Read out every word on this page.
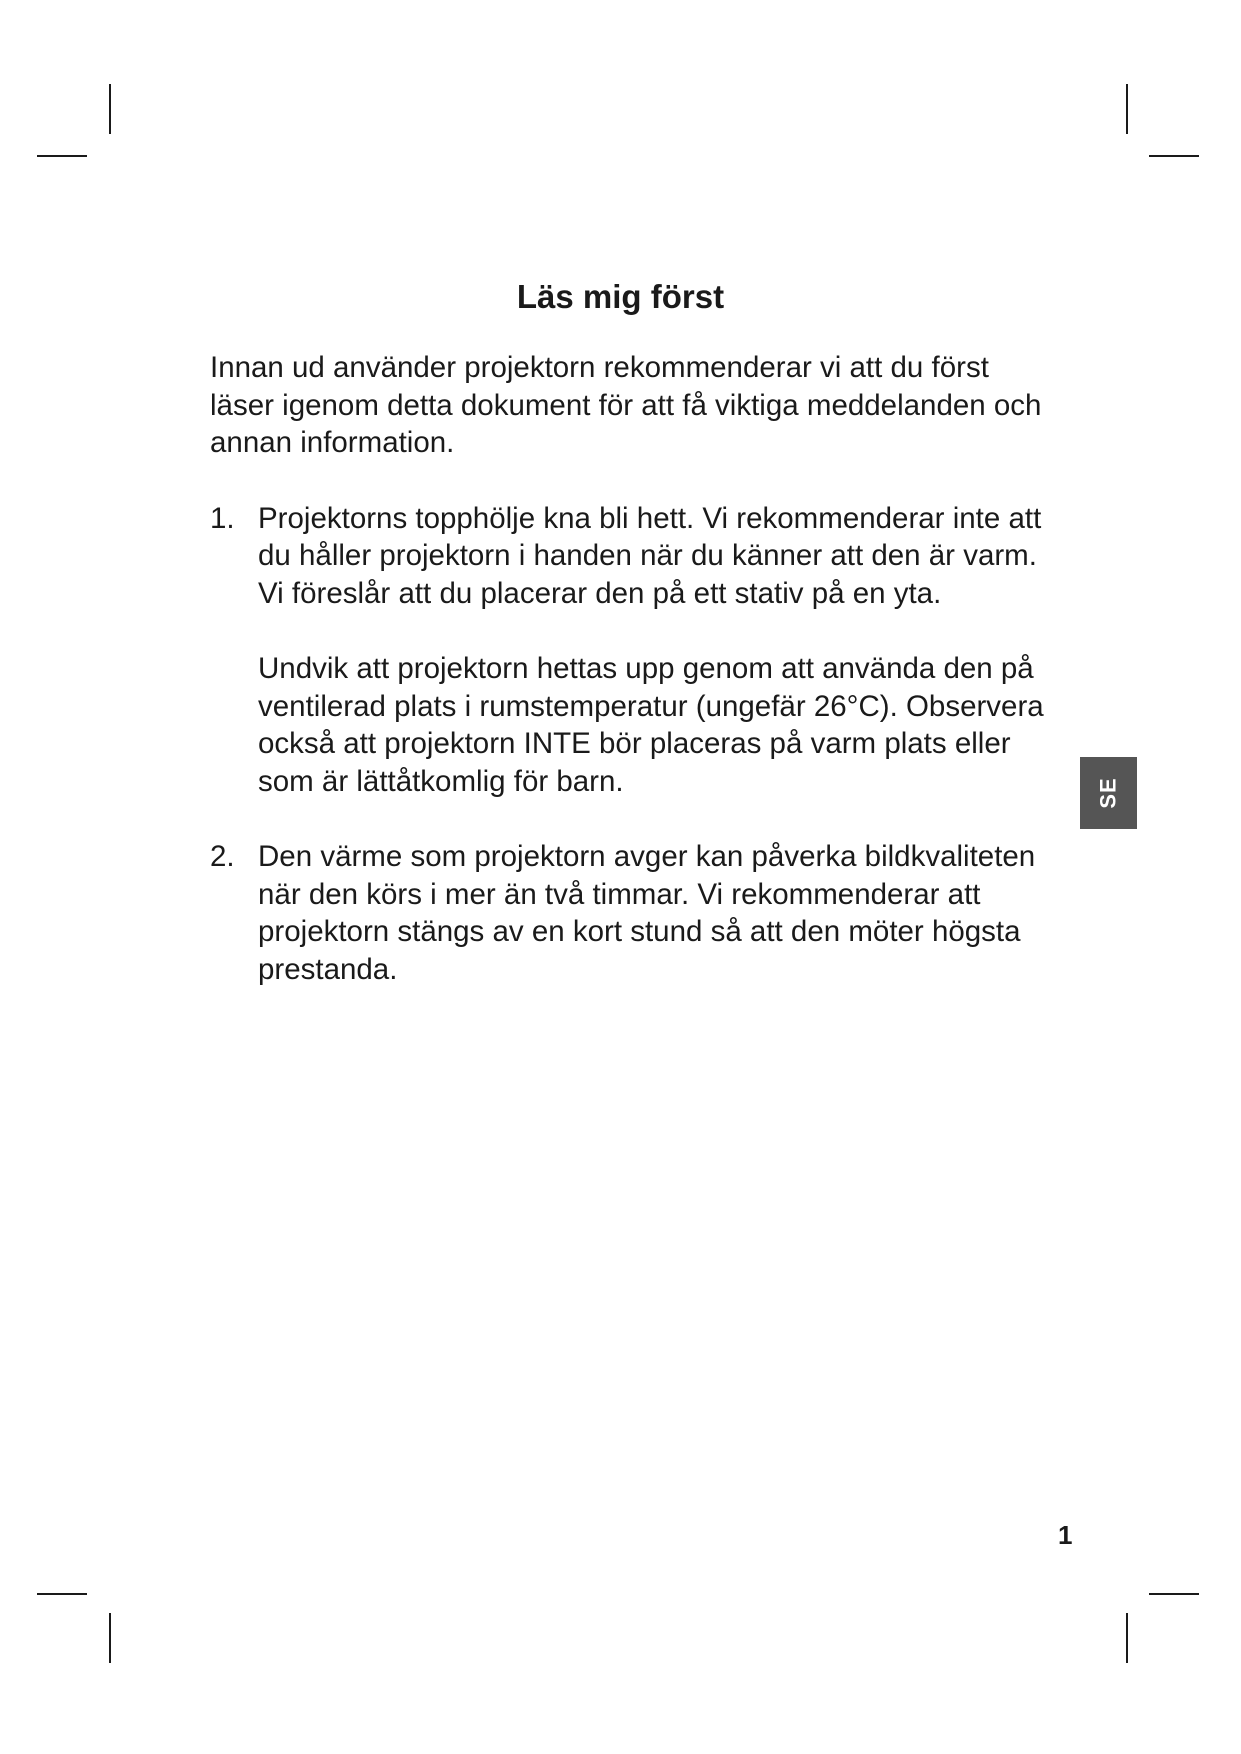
Läs mig först

Innan ud använder projektorn rekommenderar vi att du först läser igenom detta dokument för att få viktiga meddelanden och annan information.

1. Projektorns topphölje kna bli hett. Vi rekommenderar inte att du håller projektorn i handen när du känner att den är varm. Vi föreslår att du placerar den på ett stativ på en yta.

Undvik att projektorn hettas upp genom att använda den på ventilerad plats i rumstemperatur (ungefär 26°C). Observera också att projektorn INTE bör placeras på varm plats eller som är lättåtkomlig för barn.

2. Den värme som projektorn avger kan påverka bildkvaliteten när den körs i mer än två timmar. Vi rekommenderar att projektorn stängs av en kort stund så att den möter högsta prestanda.

SE
1
